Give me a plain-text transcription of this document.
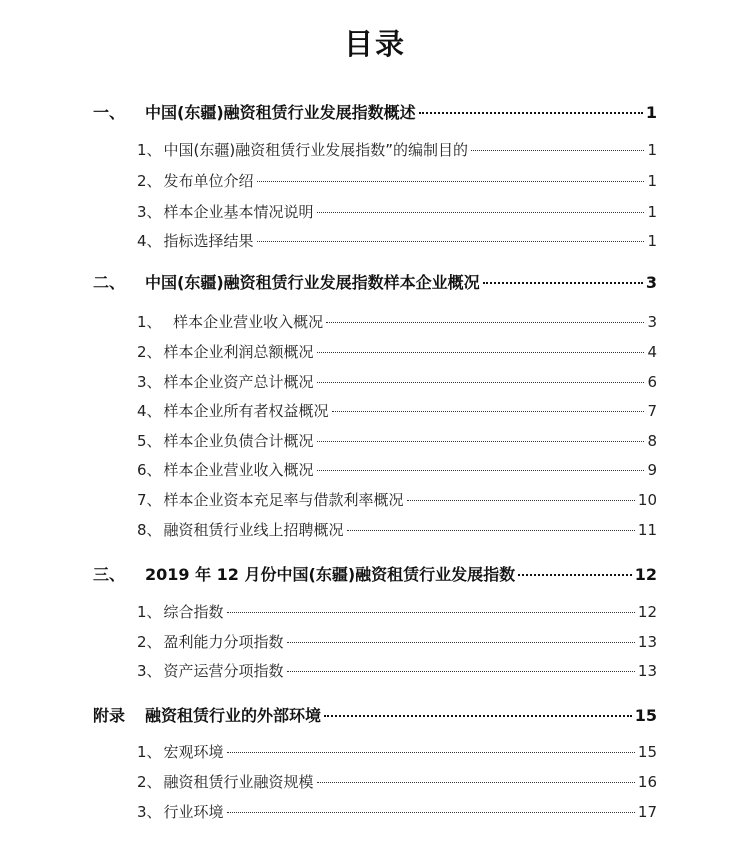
目录
一、	中国(东疆)融资租赁行业发展指数概述	1
1、 中国(东疆)融资租赁行业发展指数”的编制目的	1
2、 发布单位介绍	1
3、 样本企业基本情况说明	1
4、 指标选择结果	1
二、	中国(东疆)融资租赁行业发展指数样本企业概况	3
1、 样本企业营业收入概况	3
2、 样本企业利润总额概况	4
3、 样本企业资产总计概况	6
4、 样本企业所有者权益概况	7
5、 样本企业负债合计概况	8
6、 样本企业营业收入概况	9
7、 样本企业资本充足率与借款利率概况	10
8、 融资租赁行业线上招聘概况	11
三、	2019 年 12 月份中国(东疆)融资租赁行业发展指数	12
1、 综合指数	12
2、 盈利能力分项指数	13
3、 资产运营分项指数	13
附录	融资租赁行业的外部环境	15
1、 宏观环境	15
2、 融资租赁行业融资规模	16
3、 行业环境	17
